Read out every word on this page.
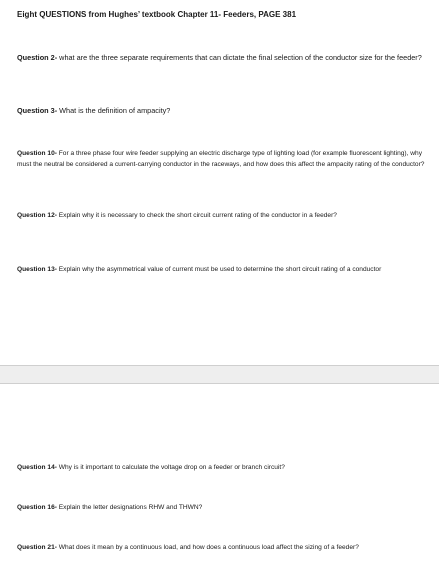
Eight QUESTIONS from Hughes’ textbook Chapter 11- Feeders, PAGE 381

Question 2- what are the three separate requirements that can dictate the final selection of the conductor size for the feeder?

Question 3- What is the definition of ampacity?

Question 10- For a three phase four wire feeder supplying an electric discharge type of lighting load (for example fluorescent lighting), why must the neutral be considered a current-carrying conductor in the raceways, and how does this affect the ampacity rating of the conductor?

Question 12- Explain why it is necessary to check the short circuit current rating of the conductor in a feeder?

Question 13- Explain why the asymmetrical value of current must be used to determine the short circuit rating of a conductor

Question 14- Why is it important to calculate the voltage drop on a feeder or branch circuit?

Question 16- Explain the letter designations RHW and THWN?

Question 21- What does it mean by a continuous load, and how does a continuous load affect the sizing of a feeder?
